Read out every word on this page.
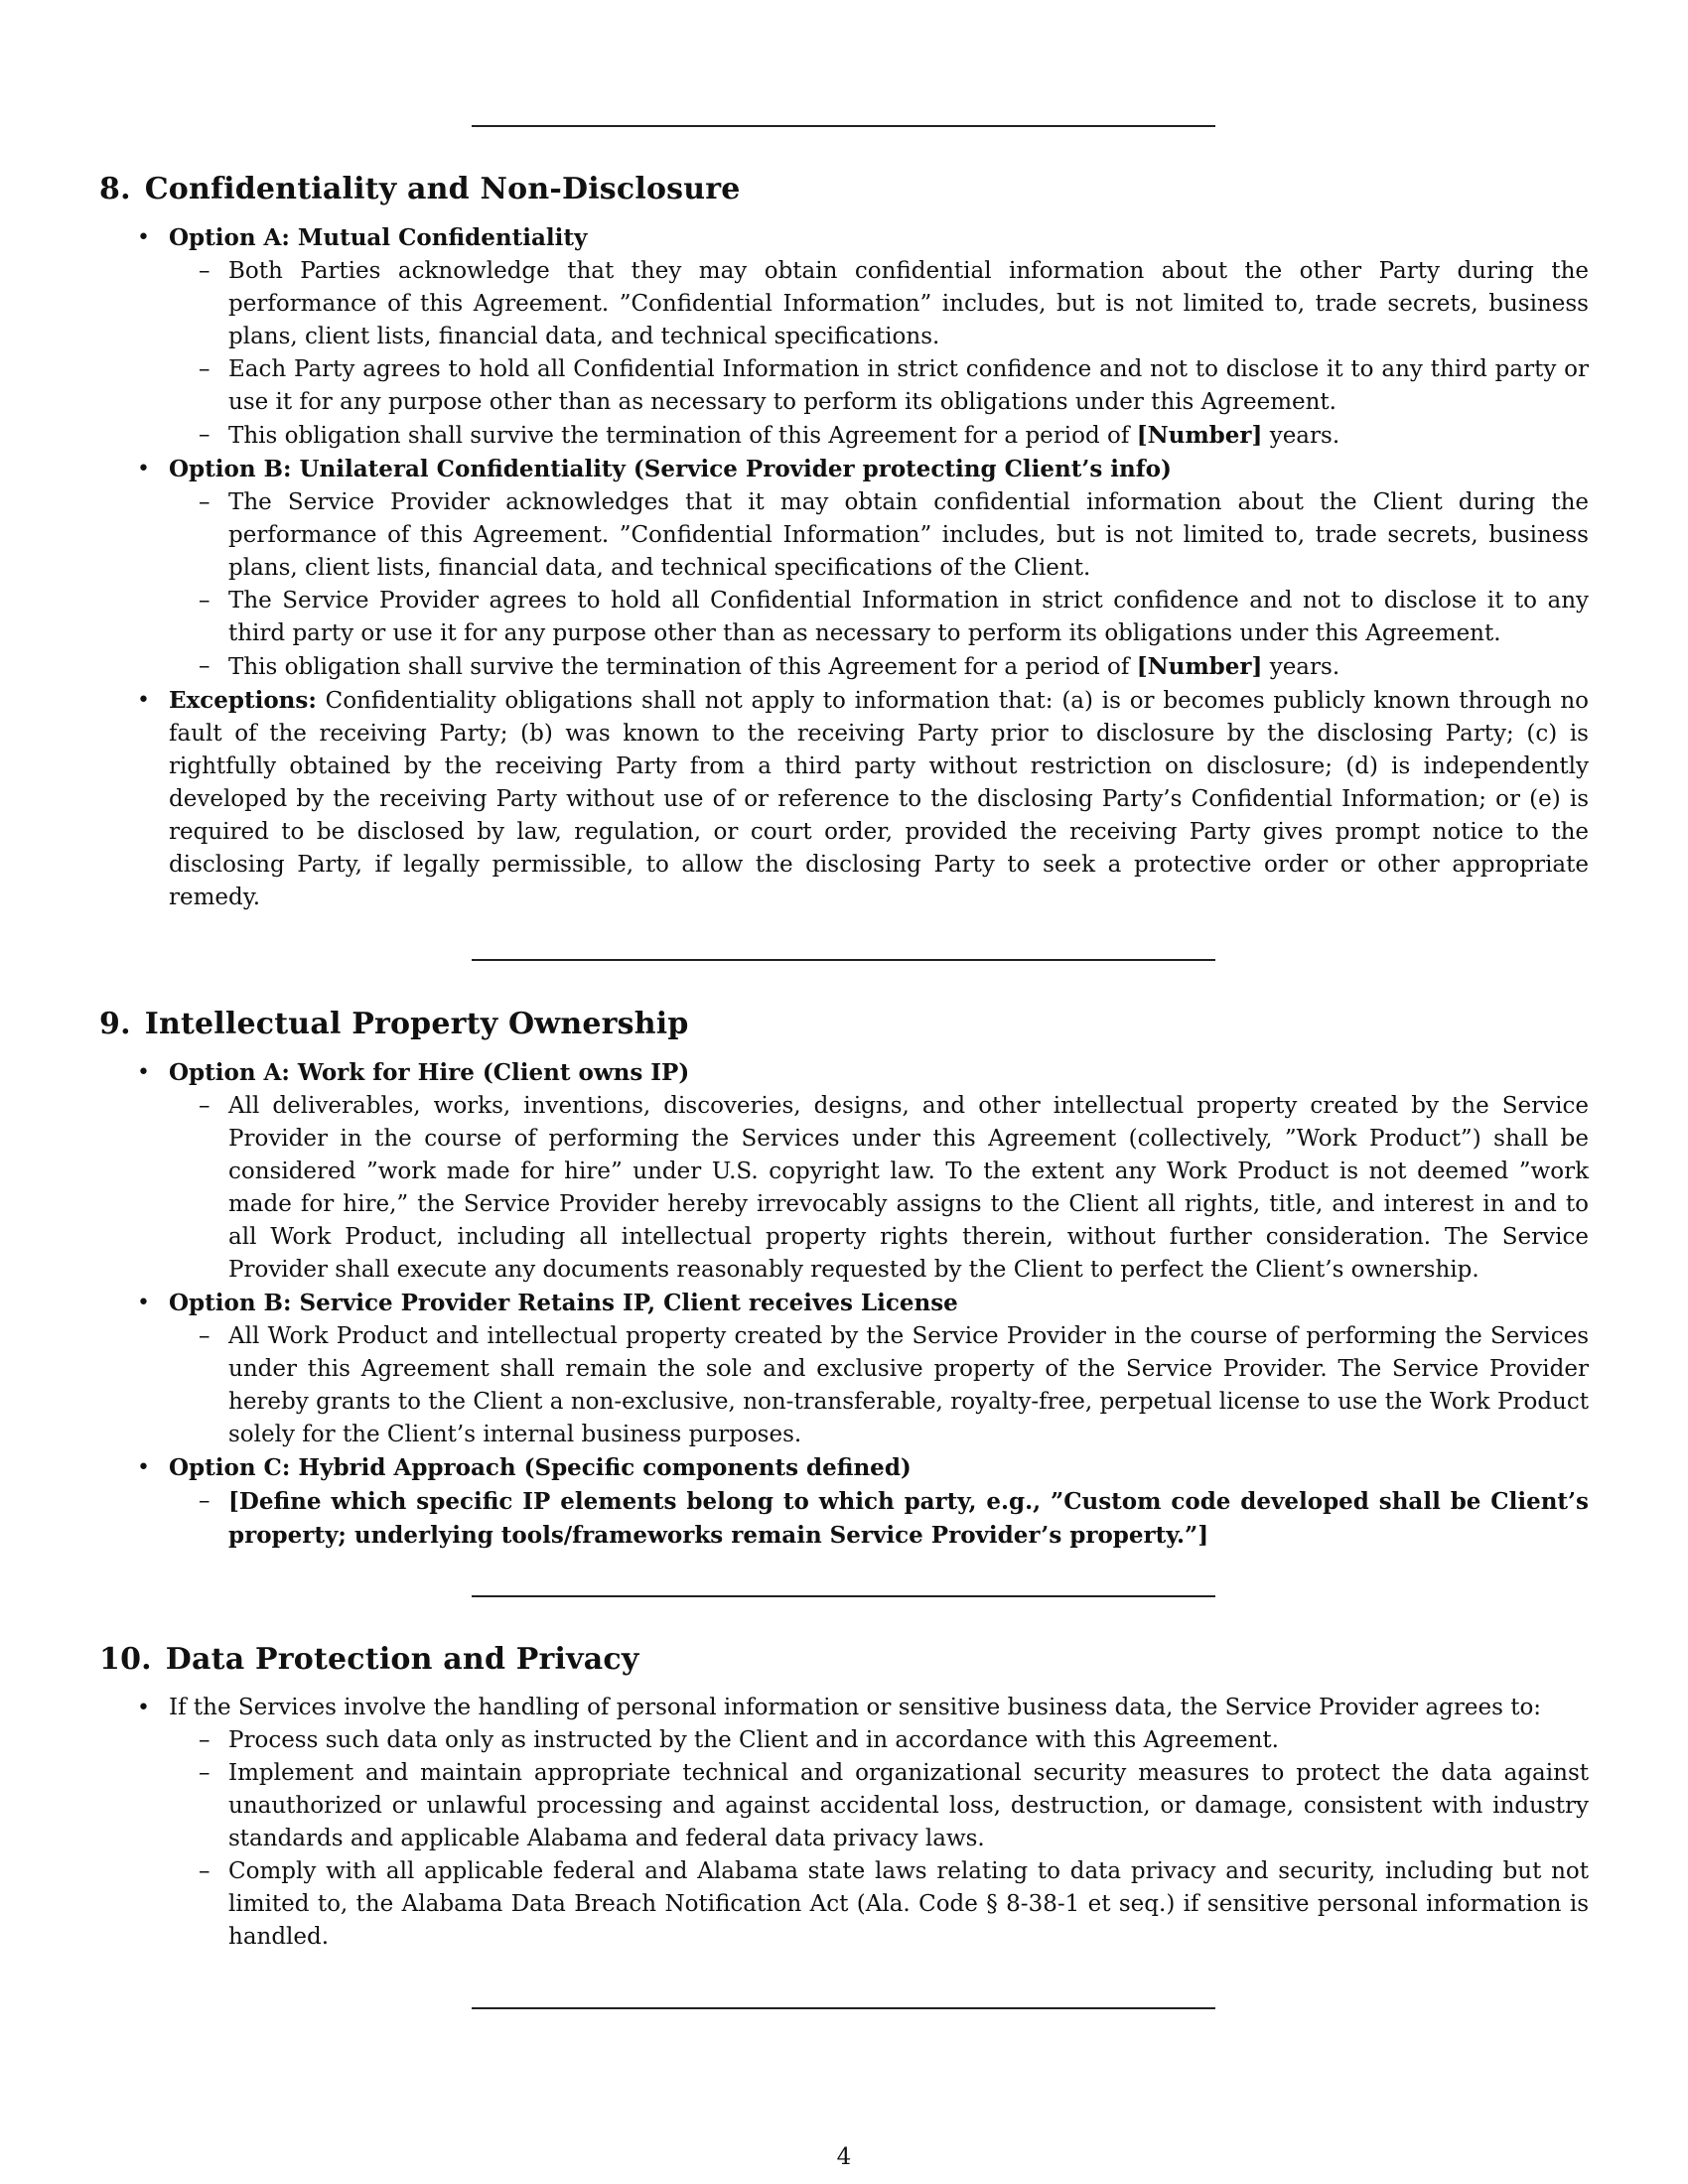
8. Confidentiality and Non-Disclosure
• Option A: Mutual Confidentiality
– Both Parties acknowledge that they may obtain confidential information about the other Party during the performance of this Agreement. ”Confidential Information” includes, but is not limited to, trade secrets, business plans, client lists, financial data, and technical specifications.
– Each Party agrees to hold all Confidential Information in strict confidence and not to disclose it to any third party or use it for any purpose other than as necessary to perform its obligations under this Agreement.
– This obligation shall survive the termination of this Agreement for a period of [Number] years.
• Option B: Unilateral Confidentiality (Service Provider protecting Client’s info)
– The Service Provider acknowledges that it may obtain confidential information about the Client during the performance of this Agreement. ”Confidential Information” includes, but is not limited to, trade secrets, business plans, client lists, financial data, and technical specifications of the Client.
– The Service Provider agrees to hold all Confidential Information in strict confidence and not to disclose it to any third party or use it for any purpose other than as necessary to perform its obligations under this Agreement.
– This obligation shall survive the termination of this Agreement for a period of [Number] years.
• Exceptions: Confidentiality obligations shall not apply to information that: (a) is or becomes publicly known through no fault of the receiving Party; (b) was known to the receiving Party prior to disclosure by the disclosing Party; (c) is rightfully obtained by the receiving Party from a third party without restriction on disclosure; (d) is independently developed by the receiving Party without use of or reference to the disclosing Party’s Confidential Information; or (e) is required to be disclosed by law, regulation, or court order, provided the receiving Party gives prompt notice to the disclosing Party, if legally permissible, to allow the disclosing Party to seek a protective order or other appropriate remedy.
9. Intellectual Property Ownership
• Option A: Work for Hire (Client owns IP)
– All deliverables, works, inventions, discoveries, designs, and other intellectual property created by the Service Provider in the course of performing the Services under this Agreement (collectively, ”Work Product”) shall be considered ”work made for hire” under U.S. copyright law. To the extent any Work Product is not deemed ”work made for hire,” the Service Provider hereby irrevocably assigns to the Client all rights, title, and interest in and to all Work Product, including all intellectual property rights therein, without further consideration. The Service Provider shall execute any documents reasonably requested by the Client to perfect the Client’s ownership.
• Option B: Service Provider Retains IP, Client receives License
– All Work Product and intellectual property created by the Service Provider in the course of performing the Services under this Agreement shall remain the sole and exclusive property of the Service Provider. The Service Provider hereby grants to the Client a non-exclusive, non-transferable, royalty-free, perpetual license to use the Work Product solely for the Client’s internal business purposes.
• Option C: Hybrid Approach (Specific components defined)
– [Define which specific IP elements belong to which party, e.g., ”Custom code developed shall be Client’s property; underlying tools/frameworks remain Service Provider’s property.”]
10. Data Protection and Privacy
• If the Services involve the handling of personal information or sensitive business data, the Service Provider agrees to:
– Process such data only as instructed by the Client and in accordance with this Agreement.
– Implement and maintain appropriate technical and organizational security measures to protect the data against unauthorized or unlawful processing and against accidental loss, destruction, or damage, consistent with industry standards and applicable Alabama and federal data privacy laws.
– Comply with all applicable federal and Alabama state laws relating to data privacy and security, including but not limited to, the Alabama Data Breach Notification Act (Ala. Code § 8-38-1 et seq.) if sensitive personal information is handled.
4
